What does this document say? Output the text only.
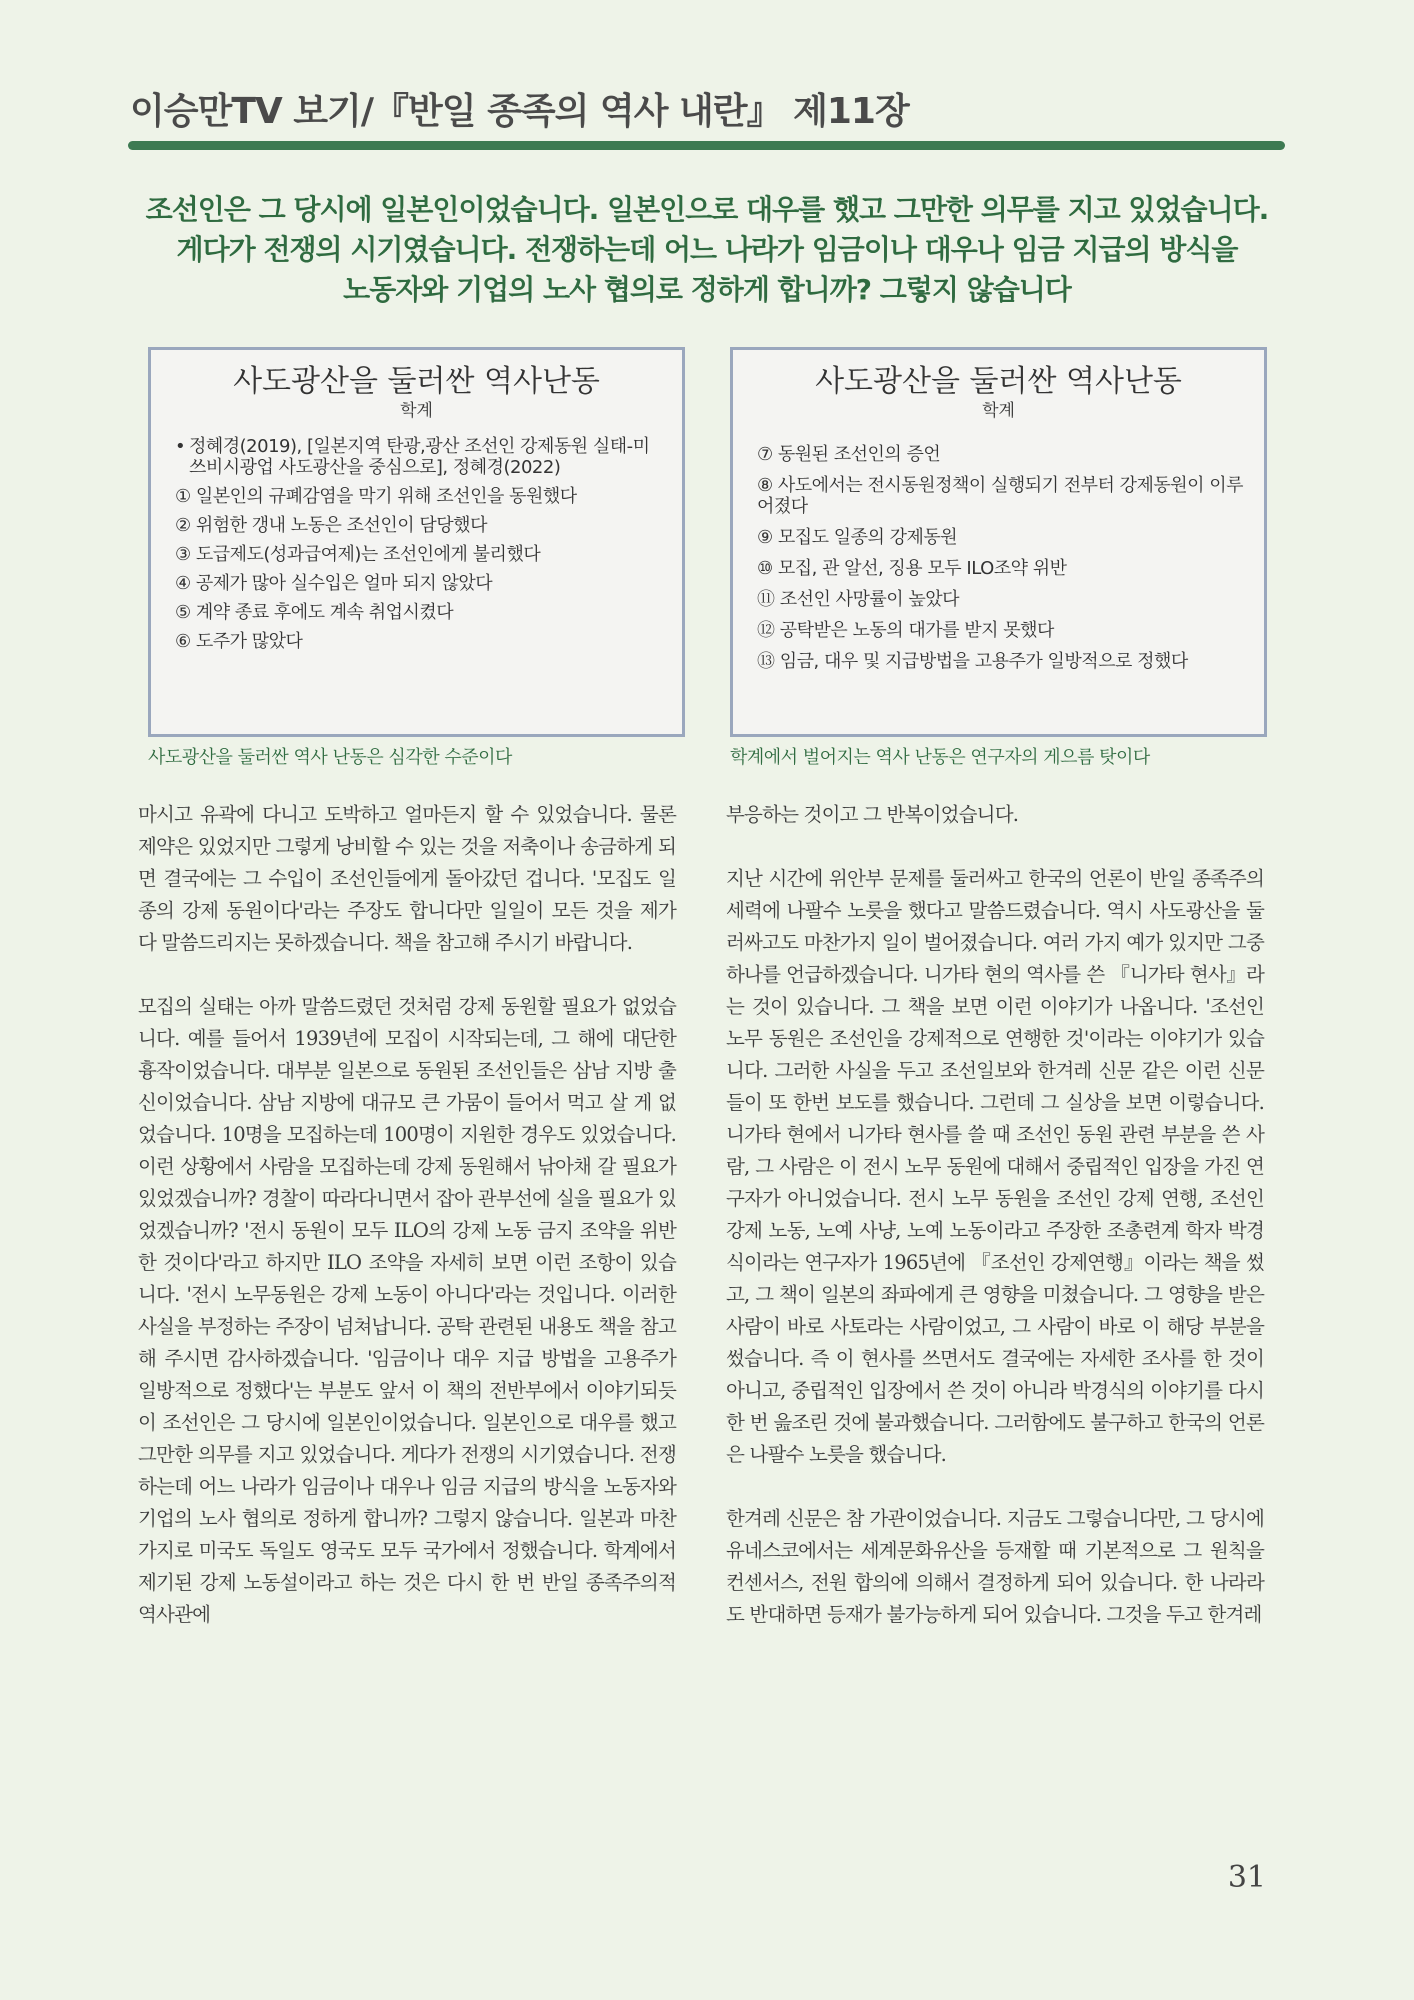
이승만TV 보기/『반일 종족의 역사 내란』 제11장
조선인은 그 당시에 일본인이었습니다. 일본인으로 대우를 했고 그만한 의무를 지고 있었습니다.
게다가 전쟁의 시기였습니다. 전쟁하는데 어느 나라가 임금이나 대우나 임금 지급의 방식을
노동자와 기업의 노사 협의로 정하게 합니까? 그렇지 않습니다
사도광산을 둘러싼 역사난동
학계
• 정혜경(2019), [일본지역 탄광,광산 조선인 강제동원 실태-미쓰비시광업 사도광산을 중심으로], 정혜경(2022)
① 일본인의 규폐감염을 막기 위해 조선인을 동원했다
② 위험한 갱내 노동은 조선인이 담당했다
③ 도급제도(성과급여제)는 조선인에게 불리했다
④ 공제가 많아 실수입은 얼마 되지 않았다
⑤ 계약 종료 후에도 계속 취업시켰다
⑥ 도주가 많았다
사도광산을 둘러싼 역사난동
학계
⑦ 동원된 조선인의 증언
⑧ 사도에서는 전시동원정책이 실행되기 전부터 강제동원이 이루어졌다
⑨ 모집도 일종의 강제동원
⑩ 모집, 관 알선, 징용 모두 ILO조약 위반
⑪ 조선인 사망률이 높았다
⑫ 공탁받은 노동의 대가를 받지 못했다
⑬ 임금, 대우 및 지급방법을 고용주가 일방적으로 정했다
사도광산을 둘러싼 역사 난동은 심각한 수준이다	학계에서 벌어지는 역사 난동은 연구자의 게으름 탓이다

마시고 유곽에 다니고 도박하고 얼마든지 할 수 있었습니다. 물론 제약은 있었지만 그렇게 낭비할 수 있는 것을 저축이나 송금하게 되면 결국에는 그 수입이 조선인들에게 돌아갔던 겁니다. '모집도 일종의 강제 동원이다'라는 주장도 합니다만 일일이 모든 것을 제가 다 말씀드리지는 못하겠습니다. 책을 참고해 주시기 바랍니다.

모집의 실태는 아까 말씀드렸던 것처럼 강제 동원할 필요가 없었습니다. 예를 들어서 1939년에 모집이 시작되는데, 그 해에 대단한 흉작이었습니다. 대부분 일본으로 동원된 조선인들은 삼남 지방 출신이었습니다. 삼남 지방에 대규모 큰 가뭄이 들어서 먹고 살 게 없었습니다. 10명을 모집하는데 100명이 지원한 경우도 있었습니다. 이런 상황에서 사람을 모집하는데 강제 동원해서 낚아채 갈 필요가 있었겠습니까? 경찰이 따라다니면서 잡아 관부선에 실을 필요가 있었겠습니까? '전시 동원이 모두 ILO의 강제 노동 금지 조약을 위반한 것이다'라고 하지만 ILO 조약을 자세히 보면 이런 조항이 있습니다. '전시 노무동원은 강제 노동이 아니다'라는 것입니다. 이러한 사실을 부정하는 주장이 넘쳐납니다. 공탁 관련된 내용도 책을 참고해 주시면 감사하겠습니다. '임금이나 대우 지급 방법을 고용주가 일방적으로 정했다'는 부분도 앞서 이 책의 전반부에서 이야기되듯이 조선인은 그 당시에 일본인이었습니다. 일본인으로 대우를 했고 그만한 의무를 지고 있었습니다. 게다가 전쟁의 시기였습니다. 전쟁하는데 어느 나라가 임금이나 대우나 임금 지급의 방식을 노동자와 기업의 노사 협의로 정하게 합니까? 그렇지 않습니다. 일본과 마찬가지로 미국도 독일도 영국도 모두 국가에서 정했습니다. 학계에서 제기된 강제 노동설이라고 하는 것은 다시 한 번 반일 종족주의적 역사관에

부응하는 것이고 그 반복이었습니다.

지난 시간에 위안부 문제를 둘러싸고 한국의 언론이 반일 종족주의 세력에 나팔수 노릇을 했다고 말씀드렸습니다. 역시 사도광산을 둘러싸고도 마찬가지 일이 벌어졌습니다. 여러 가지 예가 있지만 그중 하나를 언급하겠습니다. 니가타 현의 역사를 쓴 『니가타 현사』라는 것이 있습니다. 그 책을 보면 이런 이야기가 나옵니다. '조선인 노무 동원은 조선인을 강제적으로 연행한 것'이라는 이야기가 있습니다. 그러한 사실을 두고 조선일보와 한겨레 신문 같은 이런 신문들이 또 한번 보도를 했습니다. 그런데 그 실상을 보면 이렇습니다. 니가타 현에서 니가타 현사를 쓸 때 조선인 동원 관련 부분을 쓴 사람, 그 사람은 이 전시 노무 동원에 대해서 중립적인 입장을 가진 연구자가 아니었습니다. 전시 노무 동원을 조선인 강제 연행, 조선인 강제 노동, 노예 사냥, 노예 노동이라고 주장한 조총련계 학자 박경식이라는 연구자가 1965년에 『조선인 강제연행』이라는 책을 썼고, 그 책이 일본의 좌파에게 큰 영향을 미쳤습니다. 그 영향을 받은 사람이 바로 사토라는 사람이었고, 그 사람이 바로 이 해당 부분을 썼습니다. 즉 이 현사를 쓰면서도 결국에는 자세한 조사를 한 것이 아니고, 중립적인 입장에서 쓴 것이 아니라 박경식의 이야기를 다시 한 번 읊조린 것에 불과했습니다. 그러함에도 불구하고 한국의 언론은 나팔수 노릇을 했습니다.

한겨레 신문은 참 가관이었습니다. 지금도 그렇습니다만, 그 당시에 유네스코에서는 세계문화유산을 등재할 때 기본적으로 그 원칙을 컨센서스, 전원 합의에 의해서 결정하게 되어 있습니다. 한 나라라도 반대하면 등재가 불가능하게 되어 있습니다. 그것을 두고 한겨레

31
